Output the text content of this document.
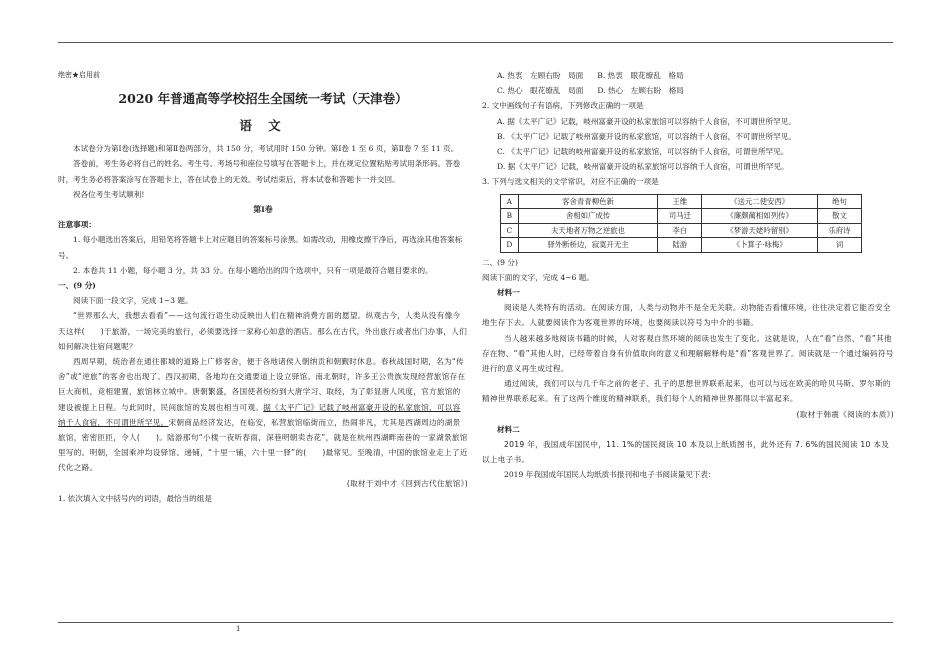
绝密★启用前

2020 年普通高等学校招生全国统一考试（天津卷）

语 文

本试卷分为第Ⅰ卷(选择题)和第Ⅱ卷两部分，共 150 分，考试用时 150 分钟。第Ⅰ卷 1 至 6 页，第Ⅱ卷 7 至 11 页。

答卷前，考生务必将自己的姓名、考生号、考场号和座位号填写在答题卡上，并在规定位置粘贴考试用条形码。答卷时，考生务必将答案涂写在答题卡上，答在试卷上的无效。考试结束后，将本试卷和答题卡一并交回。

祝各位考生考试顺利!

第Ⅰ卷

注意事项：

1. 每小题选出答案后，用铅笔将答题卡上对应题目的答案标号涂黑。如需改动，用橡皮擦干净后，再选涂其他答案标号。

2. 本卷共 11 小题，每小题 3 分，共 33 分。在每小题给出的四个选项中，只有一项是最符合题目要求的。

一、(9 分)

阅读下面一段文字，完成 1~3 题。

“世界那么大，我想去看看”——这句流行语生动反映出人们在精神消费方面的愿望。纵观古今，人类从没有像今天这样(　　)于旅游，一场完美的旅行，必须要选择一家称心如意的酒店。那么在古代，外出旅行或者出门办事，人们如何解决住宿问题呢？

西周早期，统治者在通往都城的道路上广修客舍，便于各地诸侯入朝纳贡和朝觐时休息。春秋战国时期，名为“传舍”或“逆旅”的客舍也出现了。西汉初期，各地均在交通要道上设立驿馆。南北朝时，许多王公贵族发现经营旅馆存在巨大商机，竞相建置，旅馆林立城中。唐朝繁盛，各国使者纷纷到大唐学习、取经，为了彰显唐人风度，官方旅馆的建设被提上日程。与此同时，民间旅馆的发展也相当可观。据《太平广记》记载了岐州富豪开设的私家旅馆，可以容纳千人食宿，不可谓世所罕见。宋朝商品经济发达，在临安，私营旅馆临街而立，热闹非凡，尤其是西湖周边的湖景旅馆，密密匝匝，令人(　　)。陆游那句“小楼一夜听春雨，深巷明朝卖杏花”，就是在杭州西湖畔南巷的一家湖景旅馆里写的。明朝，全国乘冲均设驿馆、递铺，“十里一铺，六十里一驿”的(　　)最常见。至晚清，中国的旅馆业走上了近代化之路。

(取材于刘中才《回到古代住旅馆》)

1. 依次填入文中括号内的词语，最恰当的组是

A. 热衷　左顾右盼　局面 B. 热衷　眼花缭乱　格局
C. 热心　眼花缭乱　局面 D. 热心　左顾右盼　格局

2. 文中画线句子有语病，下列修改正确的一项是

A. 据《太平广记》记载，岐州富豪开设的私家旅馆可以容纳千人食宿，不可谓世所罕见。

B. 《太平广记》记载了岐州富豪开设的私家旅馆，可以容纳千人食宿，不可谓世所罕见。

C. 《太平广记》记载的岐州富豪开设的私家旅馆，可以容纳千人食宿，可谓世所罕见。

D. 据《太平广记》记载，岐州富豪开设的私家旅馆可以容纳千人食宿，可谓世所罕见。

3. 下列与选文相关的文学常识，对应不正确的一项是

A	客舍青青柳色新	王维	《送元二使安西》	绝句
B	舍相如广成传	司马迁	《廉颇蔺相如列传》	散文
C	夫天地者万物之逆旅也	李白	《梦游天姥吟留别》	乐府诗
D	驿外断桥边，寂寞开无主	陆游	《卜算子·咏梅》	词

二、(9 分)

阅读下面的文字，完成 4~6 题。

材料一

阅读是人类特有的活动。在阅读方面，人类与动物并不是全无关联。动物能否看懂环境，往往决定着它能否安全地生存下去。人就要阅读作为客观世界的环境，也要阅读以符号为中介的书籍。

当人越来越多地阅读书籍的时候，人对客观自然环境的阅读也发生了变化。这就是说，人在“看”自然、“看”其他存在物、“看”其他人时，已经带着自身有价值取向的意义和理解解释构是“看”客观世界了。阅读就是一个通过编码符号进行的意义再生成过程。

通过阅读，我们可以与几千年之前的老子、孔子的思想世界联系起来，也可以与远在欧美的哈贝马斯、罗尔斯的精神世界联系起来。有了这两个维度的精神联系，我们每个人的精神世界都得以丰富起来。

(取材于韩震《阅读的本质》)

材料二

2019 年，我国成年国民中，11. 1%的国民阅读 10 本及以上纸质图书，此外还有 7. 6%的国民阅读 10 本及以上电子书。

2019 年我国成年国民人均纸质书报刊和电子书阅读量见下表：

1
